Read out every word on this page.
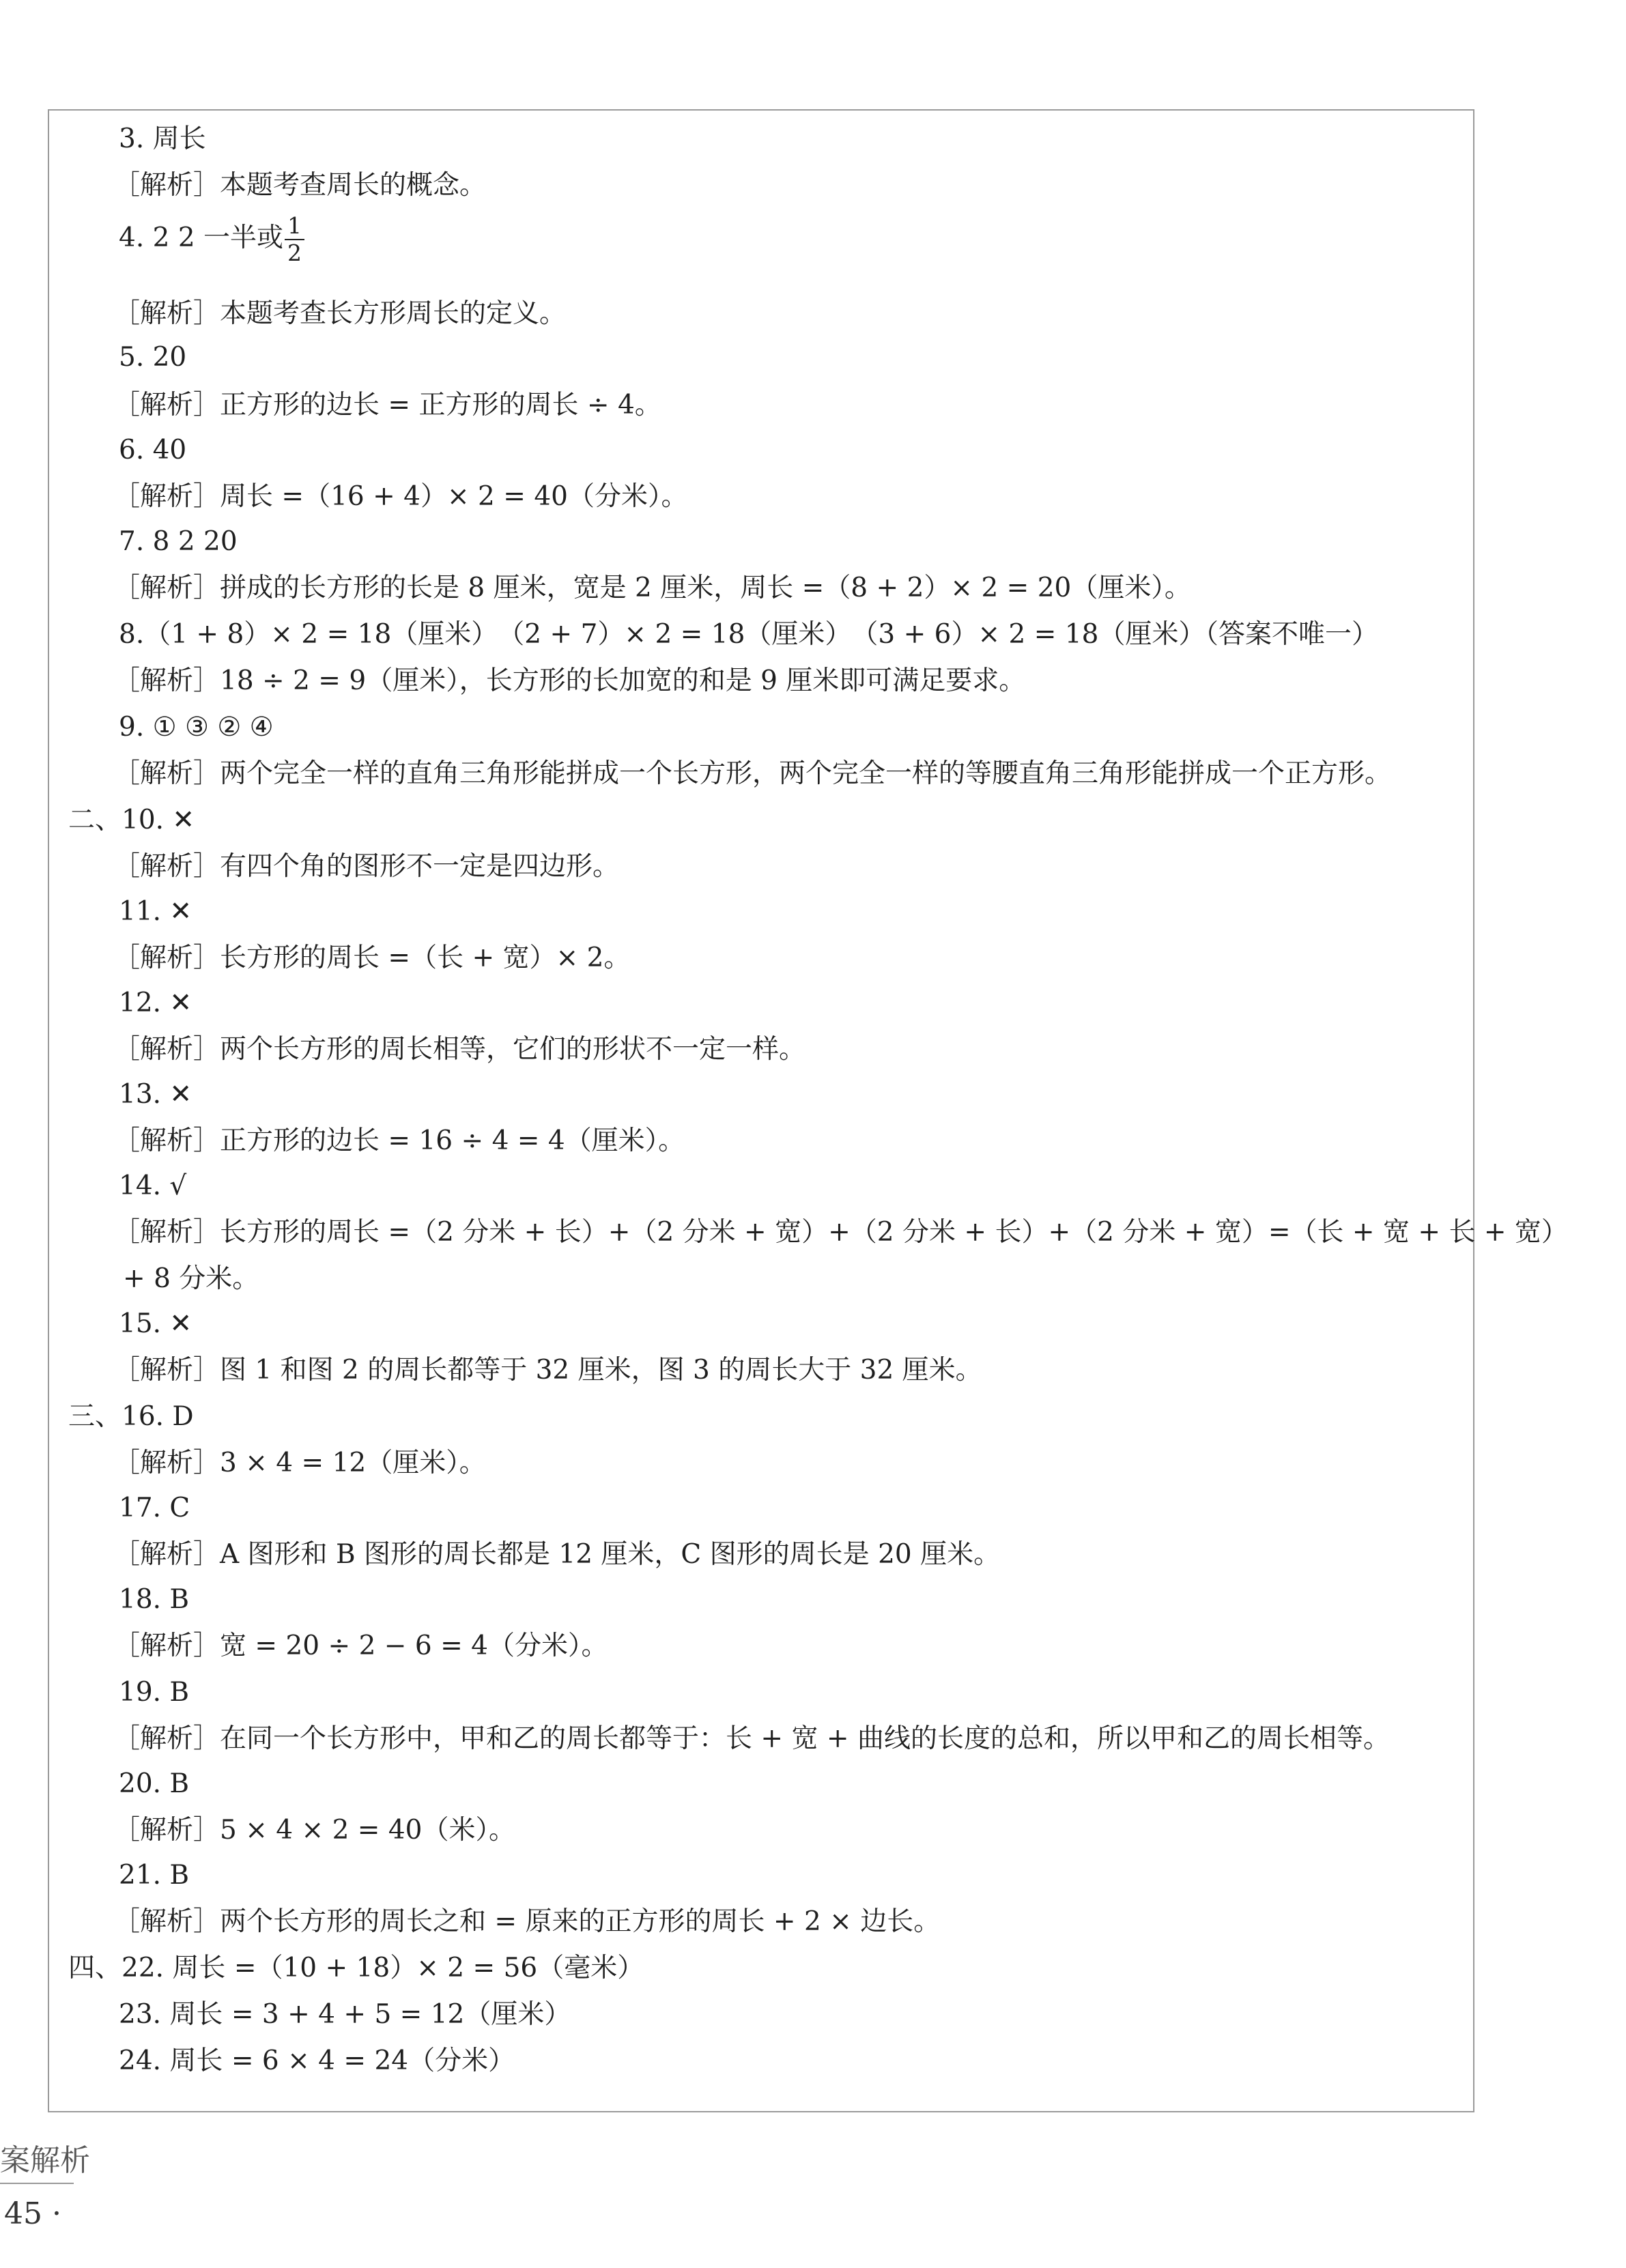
3. 周长
［解析］本题考查周长的概念。
［解析］本题考查长方形周长的定义。
5. 20
［解析］正方形的边长 = 正方形的周长 ÷ 4。
6. 40
［解析］周长 =（16 + 4）× 2 = 40（分米）。
7. 8 2 20
［解析］拼成的长方形的长是 8 厘米，宽是 2 厘米，周长 =（8 + 2）× 2 = 20（厘米）。
8.（1 + 8）× 2 = 18（厘米）　（2 + 7）× 2 = 18（厘米）　（3 + 6）× 2 = 18（厘米）（答案不唯一）
［解析］18 ÷ 2 = 9（厘米），长方形的长加宽的和是 9 厘米即可满足要求。
9. ① ③ ② ④
［解析］两个完全一样的直角三角形能拼成一个长方形，两个完全一样的等腰直角三角形能拼成一个正方形。
二、10. ✕
［解析］有四个角的图形不一定是四边形。
11. ✕
［解析］长方形的周长 =（长 + 宽）× 2。
12. ✕
［解析］两个长方形的周长相等，它们的形状不一定一样。
13. ✕
［解析］正方形的边长 = 16 ÷ 4 = 4（厘米）。
14. √
［解析］长方形的周长 =（2 分米 + 长）+（2 分米 + 宽）+（2 分米 + 长）+（2 分米 + 宽）=（长 + 宽 + 长 + 宽）
+ 8 分米。
15. ✕
［解析］图 1 和图 2 的周长都等于 32 厘米，图 3 的周长大于 32 厘米。
三、16. D
［解析］3 × 4 = 12（厘米）。
17. C
［解析］A 图形和 B 图形的周长都是 12 厘米，C 图形的周长是 20 厘米。
18. B
［解析］宽 = 20 ÷ 2 − 6 = 4（分米）。
19. B
［解析］在同一个长方形中，甲和乙的周长都等于：长 + 宽 + 曲线的长度的总和，所以甲和乙的周长相等。
20. B
［解析］5 × 4 × 2 = 40（米）。
21. B
［解析］两个长方形的周长之和 = 原来的正方形的周长 + 2 × 边长。
四、22. 周长 =（10 + 18）× 2 = 56（毫米）
23. 周长 = 3 + 4 + 5 = 12（厘米）
24. 周长 = 6 × 4 = 24（分米）
4. 2 2 一半或 $\frac{1}{2}$
案解析
45 ·
